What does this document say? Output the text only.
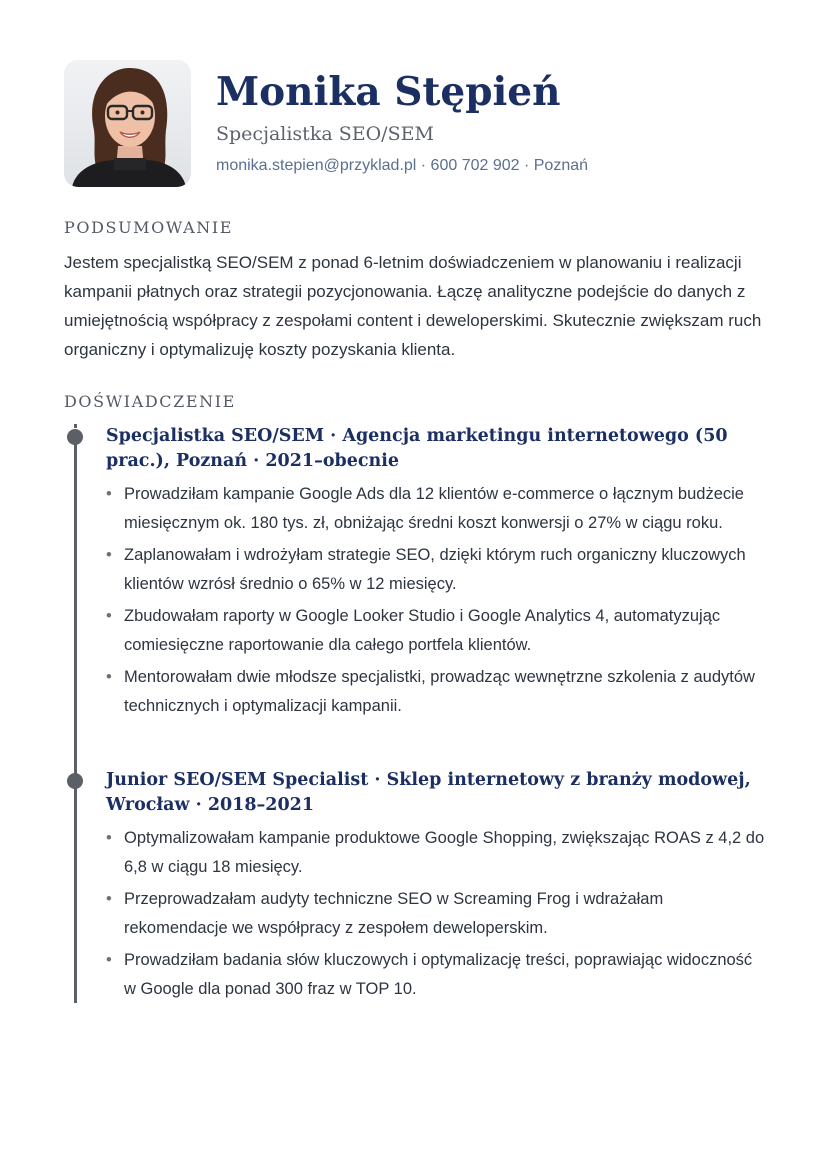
Monika Stępień
Specjalistka SEO/SEM
monika.stepien@przyklad.pl · 600 702 902 · Poznań
PODSUMOWANIE

Jestem specjalistką SEO/SEM z ponad 6-letnim doświadczeniem w planowaniu i realizacji kampanii płatnych oraz strategii pozycjonowania. Łączę analityczne podejście do danych z umiejętnością współpracy z zespołami content i deweloperskimi. Skutecznie zwiększam ruch organiczny i optymalizuję koszty pozyskania klienta.

DOŚWIADCZENIE
Specjalistka SEO/SEM · Agencja marketingu internetowego (50 prac.), Poznań · 2021–obecnie
• Prowadziłam kampanie Google Ads dla 12 klientów e-commerce o łącznym budżecie miesięcznym ok. 180 tys. zł, obniżając średni koszt konwersji o 27% w ciągu roku.
• Zaplanowałam i wdrożyłam strategie SEO, dzięki którym ruch organiczny kluczowych klientów wzrósł średnio o 65% w 12 miesięcy.
• Zbudowałam raporty w Google Looker Studio i Google Analytics 4, automatyzując comiesięczne raportowanie dla całego portfela klientów.
• Mentorowałam dwie młodsze specjalistki, prowadząc wewnętrzne szkolenia z audytów technicznych i optymalizacji kampanii.
Junior SEO/SEM Specialist · Sklep internetowy z branży modowej, Wrocław · 2018–2021
• Optymalizowałam kampanie produktowe Google Shopping, zwiększając ROAS z 4,2 do 6,8 w ciągu 18 miesięcy.
• Przeprowadzałam audyty techniczne SEO w Screaming Frog i wdrażałam rekomendacje we współpracy z zespołem deweloperskim.
• Prowadziłam badania słów kluczowych i optymalizację treści, poprawiając widoczność w Google dla ponad 300 fraz w TOP 10.
